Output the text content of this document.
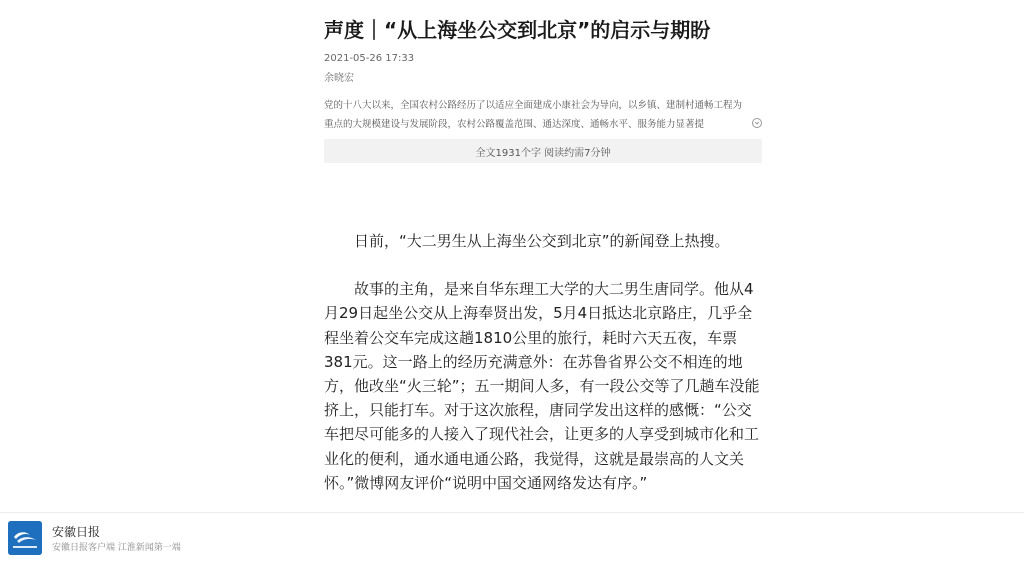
声度｜“从上海坐公交到北京”的启示与期盼
2021-05-26 17:33
余晓宏
党的十八大以来，全国农村公路经历了以适应全面建成小康社会为导向，以乡镇、建制村通畅工程为重点的大规模建设与发展阶段，农村公路覆盖范围、通达深度、通畅水平、服务能力显著提
全文1931个字 阅读约需7分钟

日前，“大二男生从上海坐公交到北京”的新闻登上热搜。

故事的主角，是来自华东理工大学的大二男生唐同学。他从4月29日起坐公交从上海奉贤出发，5月4日抵达北京路庄，几乎全程坐着公交车完成这趟1810公里的旅行，耗时六天五夜，车票381元。这一路上的经历充满意外：在苏鲁省界公交不相连的地方，他改坐“火三轮”；五一期间人多，有一段公交等了几趟车没能挤上，只能打车。对于这次旅程，唐同学发出这样的感慨：“公交车把尽可能多的人接入了现代社会，让更多的人享受到城市化和工业化的便利，通水通电通公路，我觉得，这就是最崇高的人文关怀。”微博网友评价“说明中国交通网络发达有序。”

安徽日报
安徽日报客户端 江淮新闻第一端
